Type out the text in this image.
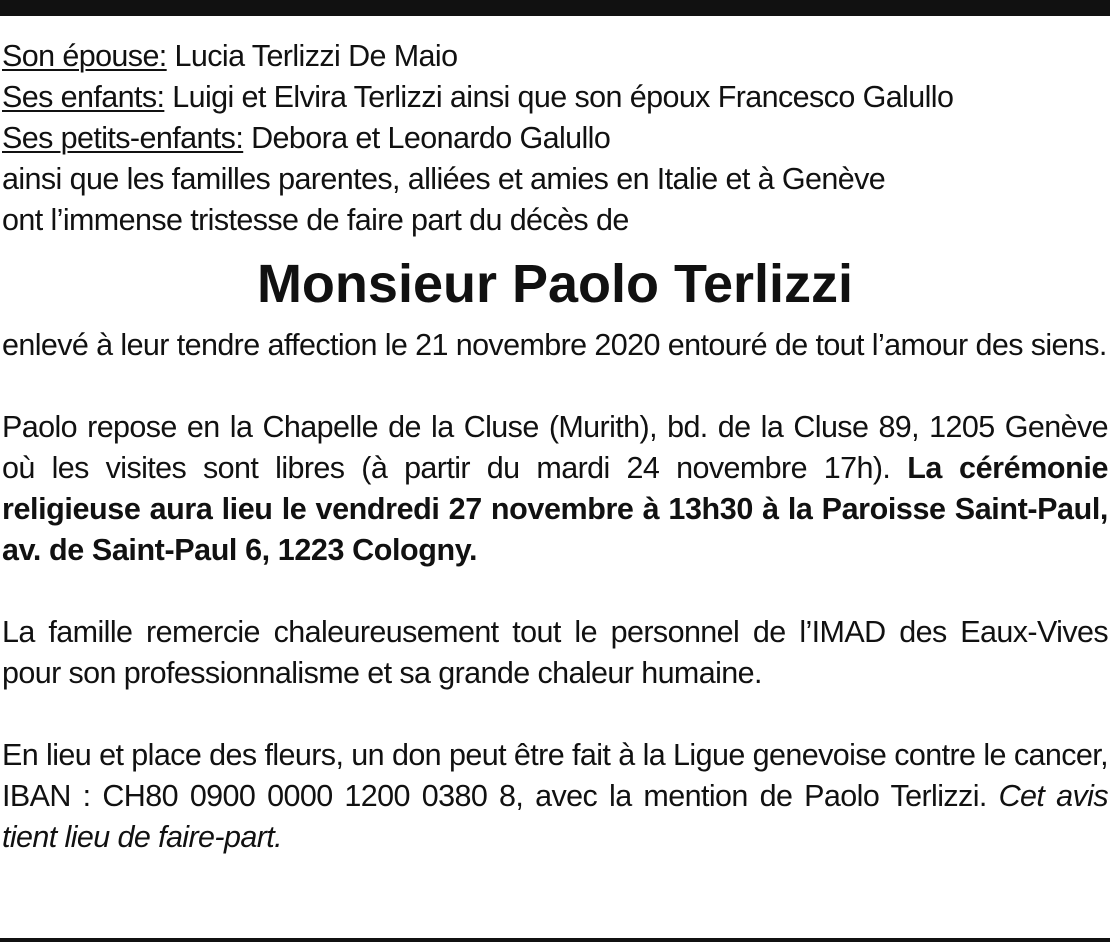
Son épouse: Lucia Terlizzi De Maio
Ses enfants: Luigi et Elvira Terlizzi ainsi que son époux Francesco Galullo
Ses petits-enfants: Debora et Leonardo Galullo
ainsi que les familles parentes, alliées et amies en Italie et à Genève
ont l’immense tristesse de faire part du décès de
Monsieur Paolo Terlizzi
enlevé à leur tendre affection le 21 novembre 2020 entouré de tout l’amour des siens.
Paolo repose en la Chapelle de la Cluse (Murith), bd. de la Cluse 89, 1205 Genève où les visites sont libres (à partir du mardi 24 novembre 17h). La cérémonie religieuse aura lieu le vendredi 27 novembre à 13h30 à la Paroisse Saint-Paul, av. de Saint-Paul 6, 1223 Cologny.
La famille remercie chaleureusement tout le personnel de l’IMAD des Eaux-Vives pour son professionnalisme et sa grande chaleur humaine.
En lieu et place des fleurs, un don peut être fait à la Ligue genevoise contre le cancer, IBAN : CH80 0900 0000 1200 0380 8, avec la mention de Paolo Terlizzi. Cet avis tient lieu de faire-part.
